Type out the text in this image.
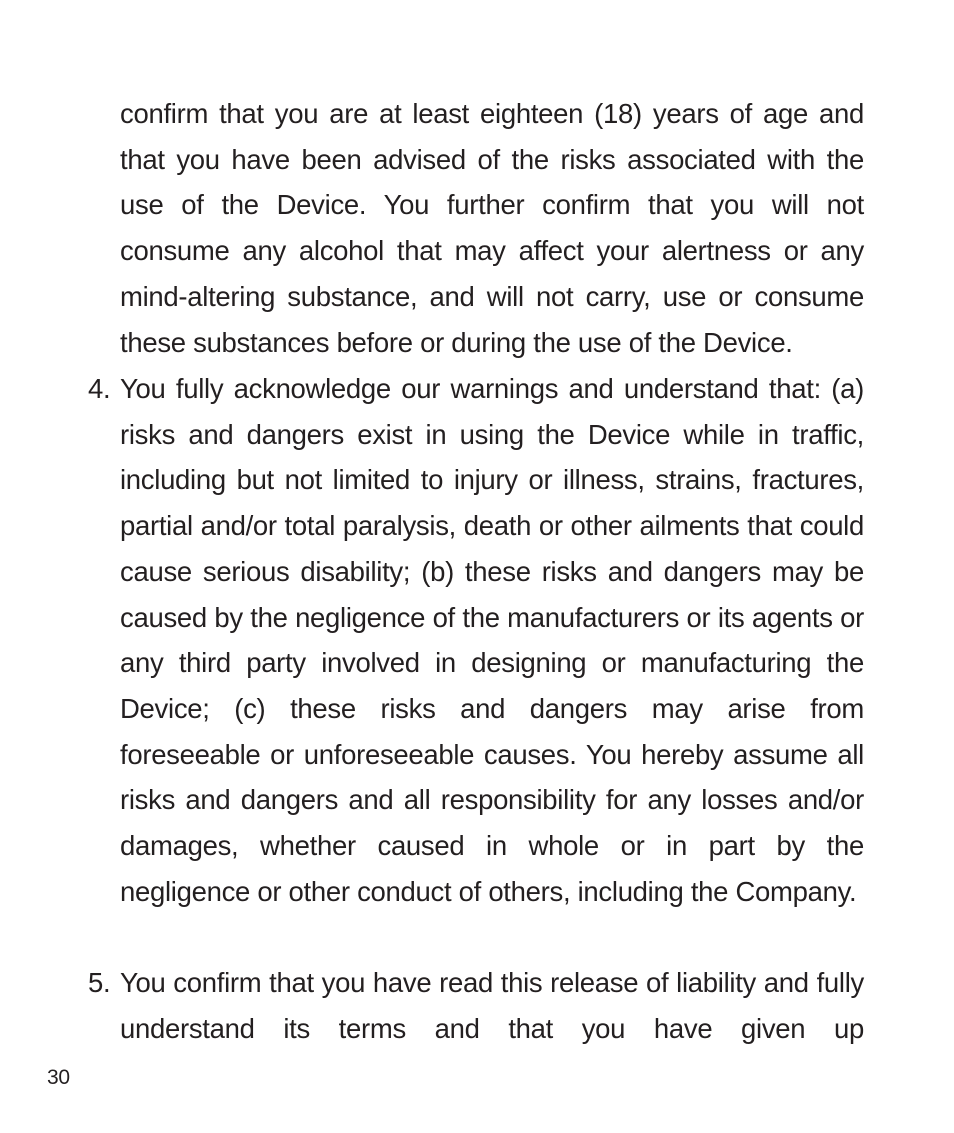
confirm that you are at least eighteen (18) years of age and that you have been advised of the risks associated with the use of the Device. You further confirm that you will not consume any alcohol that may affect your alertness or any mind-altering substance, and will not carry, use or consume these substances before or during the use of the Device.

4. You fully acknowledge our warnings and understand that: (a) risks and dangers exist in using the Device while in traffic, including but not limited to injury or illness, strains, fractures, partial and/or total paralysis, death or other ailments that could cause serious disability; (b) these risks and dangers may be caused by the negligence of the manufacturers or its agents or any third party involved in designing or manufacturing the Device; (c) these risks and dangers may arise from foreseeable or unforeseeable causes. You hereby assume all risks and dangers and all responsibility for any losses and/or damages, whether caused in whole or in part by the negligence or other conduct of others, including the Company.

5. You confirm that you have read this release of liability and fully understand its terms and that you have given up

30
